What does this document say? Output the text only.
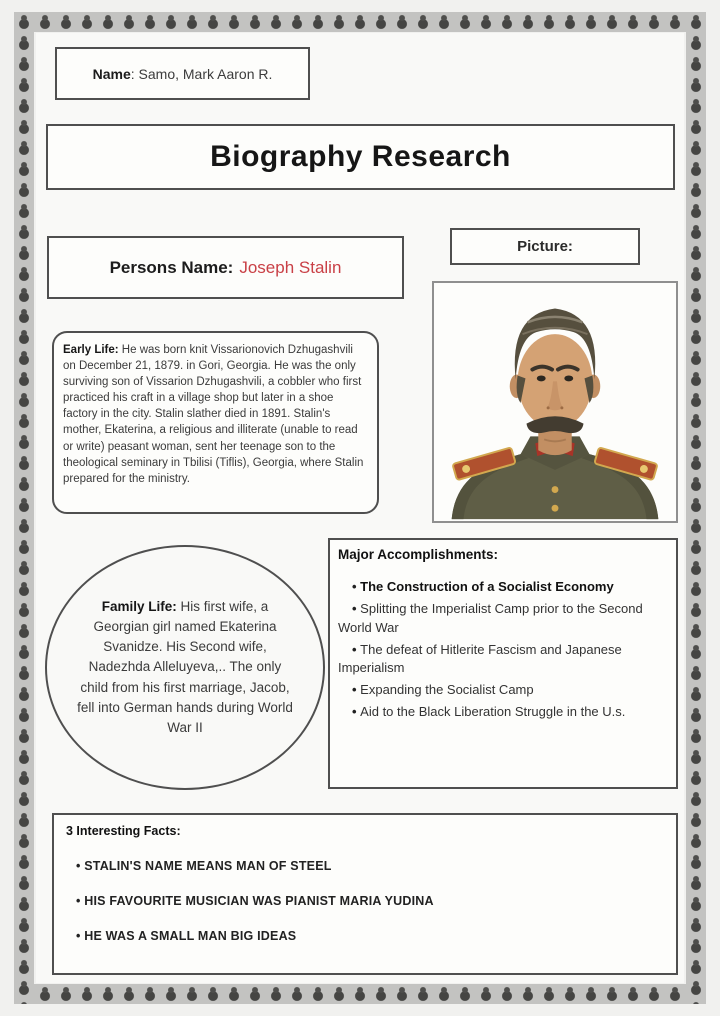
Name: Samo, Mark Aaron R.
Biography Research
Persons Name: Joseph Stalin
Picture:
Early Life: He was born knit Vissarionovich Dzhugashvili on December 21, 1879. in Gori, Georgia. He was the only surviving son of Vissarion Dzhugashvili, a cobbler who first practiced his craft in a village shop but later in a shoe factory in the city. Stalin slather died in 1891. Stalin's mother, Ekaterina, a religious and illiterate (unable to read or write) peasant woman, sent her teenage son to the theological seminary in Tbilisi (Tiflis), Georgia, where Stalin prepared for the ministry.
Family Life: His first wife, a Georgian girl named Ekaterina Svanidze. His Second wife, Nadezhda Alleluyeva,.. The only child from his first marriage, Jacob, fell into German hands during World War II
Major Accomplishments:

• The Construction of a Socialist Economy

• Splitting the Imperialist Camp prior to the Second World War

• The defeat of Hitlerite Fascism and Japanese Imperialism

• Expanding the Socialist Camp

• Aid to the Black Liberation Struggle in the U.s.

3 Interesting Facts:

• STALIN'S NAME MEANS MAN OF STEEL

• HIS FAVOURITE MUSICIAN WAS PIANIST MARIA YUDINA

• HE WAS A SMALL MAN BIG IDEAS
